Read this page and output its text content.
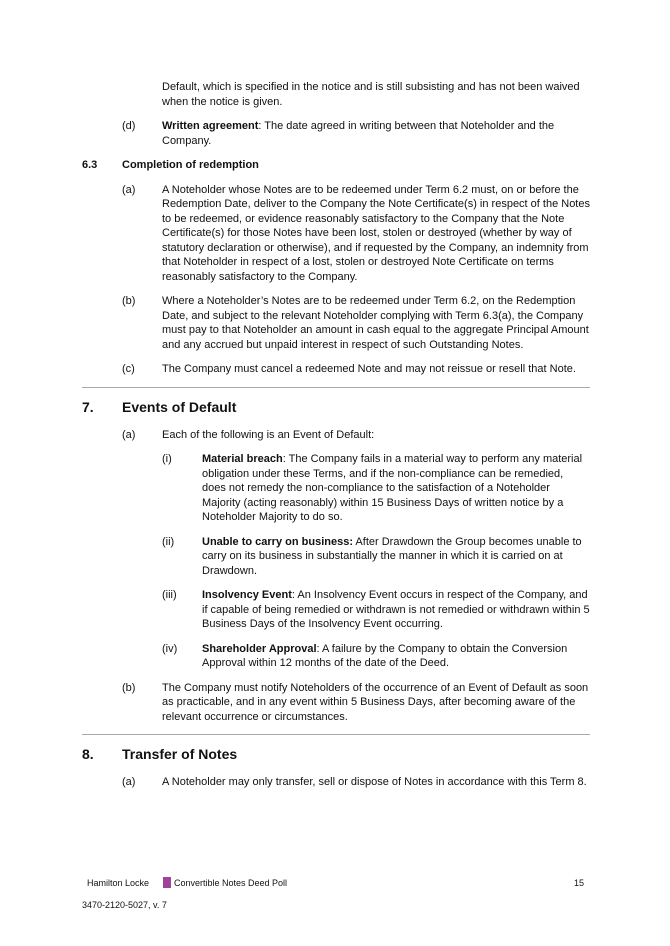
Default, which is specified in the notice and is still subsisting and has not been waived when the notice is given.
(d) Written agreement: The date agreed in writing between that Noteholder and the Company.
6.3 Completion of redemption
(a) A Noteholder whose Notes are to be redeemed under Term 6.2 must, on or before the Redemption Date, deliver to the Company the Note Certificate(s) in respect of the Notes to be redeemed, or evidence reasonably satisfactory to the Company that the Note Certificate(s) for those Notes have been lost, stolen or destroyed (whether by way of statutory declaration or otherwise), and if requested by the Company, an indemnity from that Noteholder in respect of a lost, stolen or destroyed Note Certificate on terms reasonably satisfactory to the Company.
(b) Where a Noteholder’s Notes are to be redeemed under Term 6.2, on the Redemption Date, and subject to the relevant Noteholder complying with Term 6.3(a), the Company must pay to that Noteholder an amount in cash equal to the aggregate Principal Amount and any accrued but unpaid interest in respect of such Outstanding Notes.
(c) The Company must cancel a redeemed Note and may not reissue or resell that Note.
7. Events of Default
(a) Each of the following is an Event of Default:
(i)	Material breach: The Company fails in a material way to perform any material obligation under these Terms, and if the non-compliance can be remedied, does not remedy the non-compliance to the satisfaction of a Noteholder Majority (acting reasonably) within 15 Business Days of written notice by a Noteholder Majority to do so.
(ii)	Unable to carry on business: After Drawdown the Group becomes unable to carry on its business in substantially the manner in which it is carried on at Drawdown.
(iii) Insolvency Event: An Insolvency Event occurs in respect of the Company, and if capable of being remedied or withdrawn is not remedied or withdrawn within 5 Business Days of the Insolvency Event occurring.
(iv) Shareholder Approval: A failure by the Company to obtain the Conversion Approval within 12 months of the date of the Deed.
(b) The Company must notify Noteholders of the occurrence of an Event of Default as soon as practicable, and in any event within 5 Business Days, after becoming aware of the relevant occurrence or circumstances.
8. Transfer of Notes
(a) A Noteholder may only transfer, sell or dispose of Notes in accordance with this Term 8.
Hamilton Locke	Convertible Notes Deed Poll	15
3470-2120-5027, v. 7
